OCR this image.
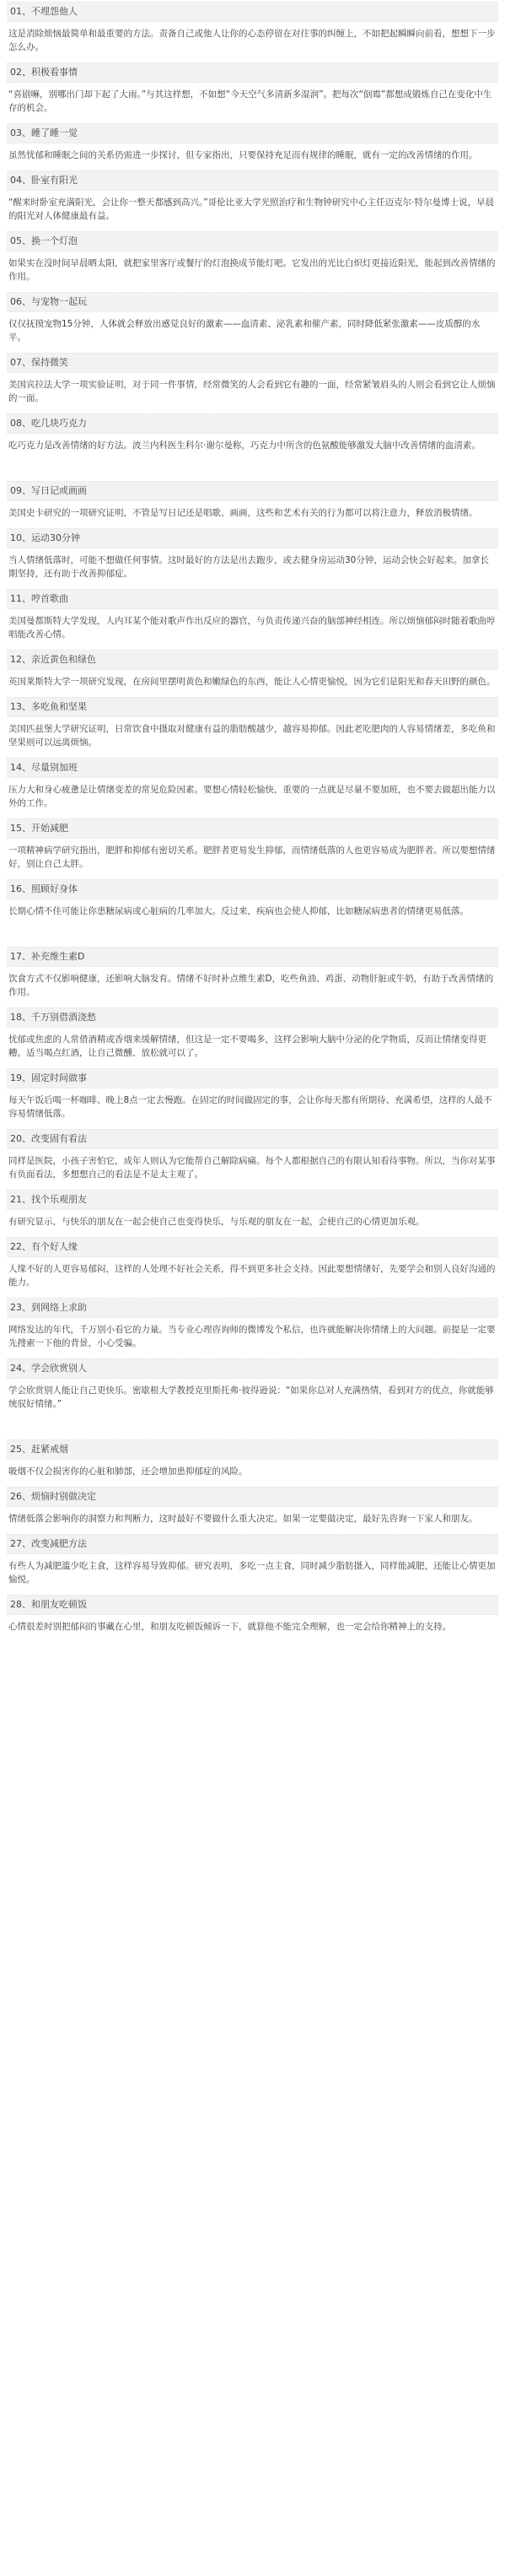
01、不埋怨他人
这是消除烦恼最简单和最重要的方法。责备自己或他人让你的心态停留在对往事的纠缠上，不如把起瞬瞬向前看，想想下一步怎么办。
02、积极看事情
“喜剧嘛，别哪出门却下起了大雨。”与其这样想，不如想“今天空气多清新多湿润”。把每次“倒霉”都想成锻炼自己在变化中生存的机会。
03、睡了睡一觉
虽然忧郁和睡眠之间的关系仍需进一步探讨，但专家指出，只要保持充足而有规律的睡眠，就有一定的改善情绪的作用。
04、卧室有阳光
“醒来时卧室充满阳光，会让你一整天都感到高兴。”哥伦比亚大学光照治疗和生物钟研究中心主任迈克尔·特尔曼博士说，早晨的阳光对人体健康最有益。
05、换一个灯泡
如果实在没时间早晨晒太阳，就把家里客厅或餐厅的灯泡换成节能灯吧。它发出的光比白炽灯更接近阳光，能起到改善情绪的作用。
06、与宠物一起玩
仅仅抚摸宠物15分钟，人体就会释放出感觉良好的激素——血清素、泌乳素和催产素，同时降低紧张激素——皮质醇的水平。
07、保持微笑
美国宾拉法大学一项实验证明，对于同一件事情，经常微笑的人会看到它有趣的一面，经常紧皱眉头的人则会看到它让人烦恼的一面。
08、吃几块巧克力
吃巧克力是改善情绪的好方法。波兰内科医生科尔·谢尔曼称，巧克力中所含的色氨酸能够激发大脑中改善情绪的血清素。
09、写日记或画画
美国史卡研究的一项研究证明，不管是写日记还是唱歌、画画，这些和艺术有关的行为都可以将注意力，释放消极情绪。
10、运动30分钟
当人情绪低落时，可能不想做任何事情。这时最好的方法是出去跑步，或去健身房运动30分钟，运动会快会好起来。加拿长期坚持，还有助于改善抑郁症。
11、哼首歌曲
美国曼都斯特大学发现，人内耳某个能对歌声作出反应的器官，与负责传递兴奋的脑部神经相连。所以烦恼郁闷时随着歌曲哼唱能改善心情。
12、亲近黄色和绿色
英国莱斯特大学一项研究发现，在房间里摆明黄色和嫩绿色的东西，能让人心情更愉悦，因为它们是阳光和春天田野的颜色。
13、多吃鱼和坚果
美国匹兹堡大学研究证明，日常饮食中摄取对健康有益的脂肪酸越少，越容易抑郁。因此老吃肥肉的人容易情绪差，多吃鱼和坚果则可以远离烦恼。
14、尽量别加班
压力大和身心疲惫是让情绪变差的常见危险因素。要想心情轻松愉快，重要的一点就是尽量不要加班，也不要去做超出能力以外的工作。
15、开始减肥
一项精神病学研究指出，肥胖和抑郁有密切关系。肥胖者更易发生抑郁，而情绪低落的人也更容易成为肥胖者。所以要想情绪好，别让自己太胖。
16、照顾好身体
长期心情不佳可能让你患糖尿病或心脏病的几率加大。反过来，疾病也会使人抑郁，比如糖尿病患者的情绪更易低落。
17、补充维生素D
饮食方式不仅影响健康，还影响大脑发育。情绪不好时补点维生素D，吃些鱼油、鸡蛋、动物肝脏或牛奶，有助于改善情绪的作用。
18、千万别借酒浇愁
忧郁或焦虑的人常借酒精或香烟来缓解情绪，但这是一定不要喝多，这样会影响大脑中分泌的化学物质，反而让情绪变得更糟。适当喝点红酒，让自己微醺、放松就可以了。
19、固定时间做事
每天午饭后喝一杯咖啡、晚上8点一定去慢跑。在固定的时间做固定的事，会让你每天都有所期待、充满希望，这样的人最不容易情绪低落。
20、改变固有看法
同样是医院，小孩子害怕它，成年人则认为它能帮自己解除病痛。每个人都根据自己的有限认知看待事物。所以，当你对某事有负面看法，多想想自己的看法是不是太主观了。
21、找个乐观朋友
有研究显示，与快乐的朋友在一起会使自己也变得快乐，与乐观的朋友在一起，会使自己的心情更加乐观。
22、有个好人缘
人缘不好的人更容易郁闷，这样的人处理不好社会关系，得不到更多社会支持。因此要想情绪好，先要学会和别人良好沟通的能力。
23、到网络上求助
网络发达的年代，千万别小看它的力量。当专业心理咨询师的微博发个私信，也许就能解决你情绪上的大问题。前提是一定要先搜索一下他的背景，小心受骗。
24、学会欣赏别人
学会欣赏别人能让自己更快乐。密歇根大学教授克里斯托弗·彼得逊说：“如果你总对人充满热情，看到对方的优点，你就能够统驭好情绪。”
25、赶紧戒烟
吸烟不仅会损害你的心脏和肺部，还会增加患抑郁症的风险。
26、烦恼时别做决定
情绪低落会影响你的洞察力和判断力，这时最好不要做什么重大决定。如果一定要做决定，最好先咨询一下家人和朋友。
27、改变减肥方法
有些人为减肥滥少吃主食，这样容易导致抑郁。研究表明，多吃一点主食，同时减少脂肪摄入，同样能减肥，还能让心情更加愉悦。
28、和朋友吃顿饭
心情很差时别把郁闷的事藏在心里，和朋友吃顿饭倾诉一下，就算他不能完全理解，也一定会给你精神上的支持。
